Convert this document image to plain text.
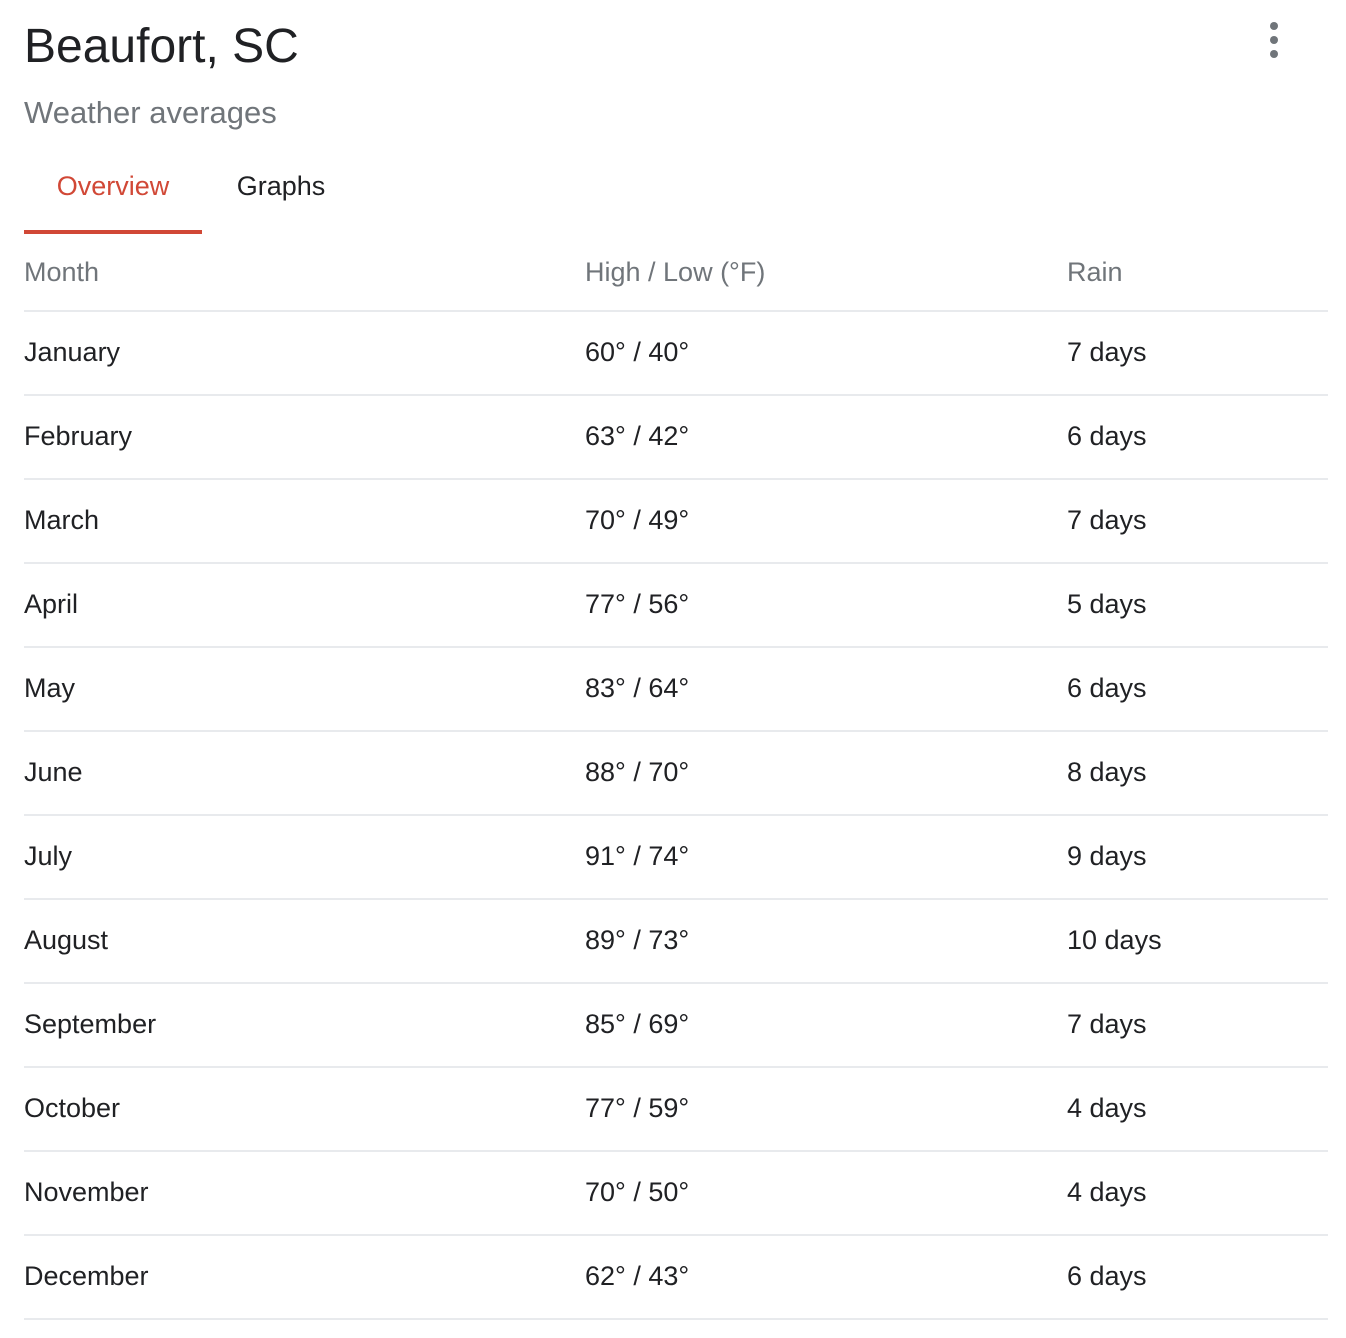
Beaufort, SC
Weather averages
Overview	Graphs
Month	High / Low (°F)	Rain
January	60° / 40°	7 days
February	63° / 42°	6 days
March	70° / 49°	7 days
April	77° / 56°	5 days
May	83° / 64°	6 days
June	88° / 70°	8 days
July	91° / 74°	9 days
August	89° / 73°	10 days
September	85° / 69°	7 days
October	77° / 59°	4 days
November	70° / 50°	4 days
December	62° / 43°	6 days
